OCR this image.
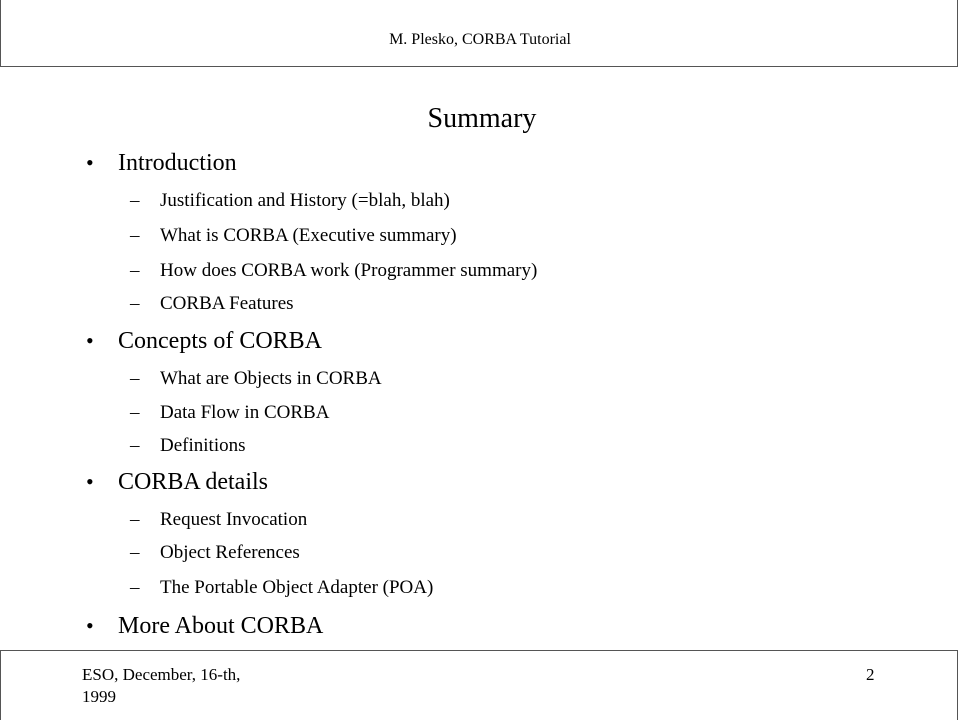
M. Plesko, CORBA Tutorial
Summary
• Introduction
– Justification and History (=blah, blah)
– What is CORBA (Executive summary)
– How does CORBA work (Programmer summary)
– CORBA Features
• Concepts of CORBA
– What are Objects in CORBA
– Data Flow in CORBA
– Definitions
• CORBA details
– Request Invocation
– Object References
– The Portable Object Adapter (POA)
• More About CORBA
ESO, December, 16-th,
1999
2
